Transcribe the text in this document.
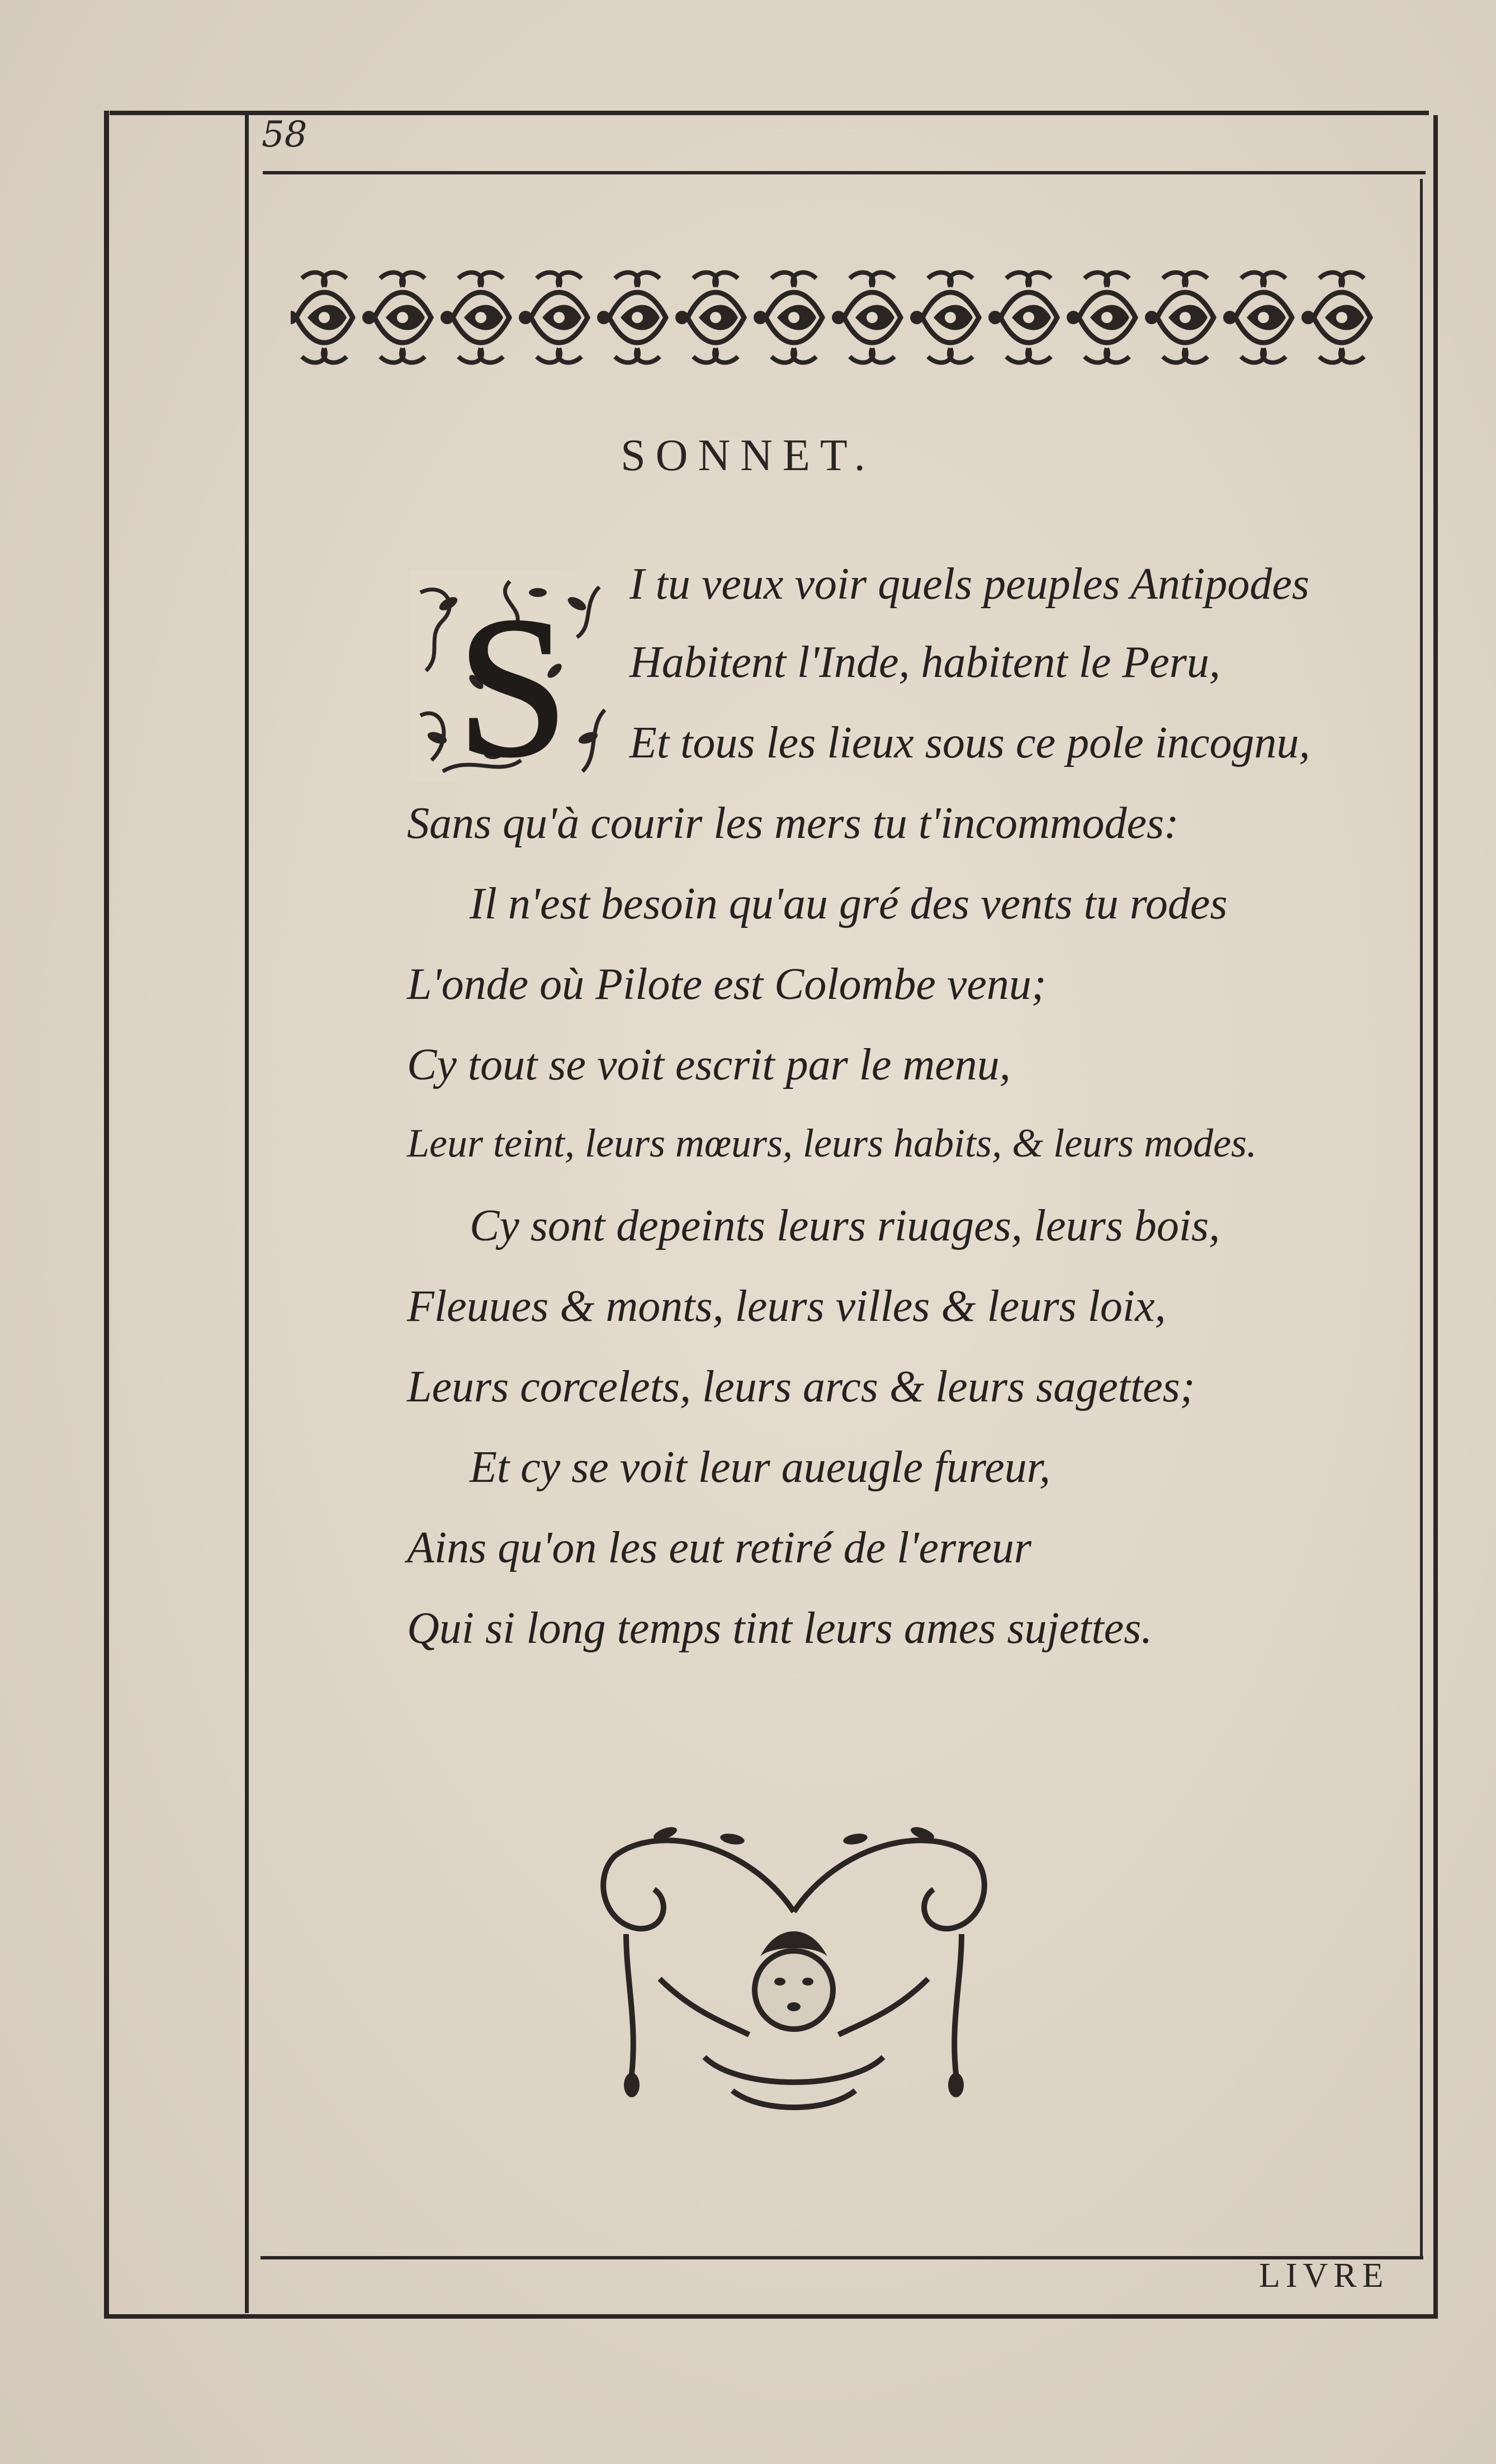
58
SONNET.
S I tu veux voir quels peuples Antipodes
Habitent l'Inde, habitent le Peru,
Et tous les lieux sous ce pole incognu,
Sans qu'à courir les mers tu t'incommodes:
Il n'est besoin qu'au gré des vents tu rodes
L'onde où Pilote est Colombe venu;
Cy tout se voit escrit par le menu,
Leur teint, leurs mœurs, leurs habits, & leurs modes.
Cy sont depeints leurs riuages, leurs bois,
Fleuues & monts, leurs villes & leurs loix,
Leurs corcelets, leurs arcs & leurs sagettes;
Et cy se voit leur aueugle fureur,
Ains qu'on les eut retiré de l'erreur
Qui si long temps tint leurs ames sujettes.
LIVRE
